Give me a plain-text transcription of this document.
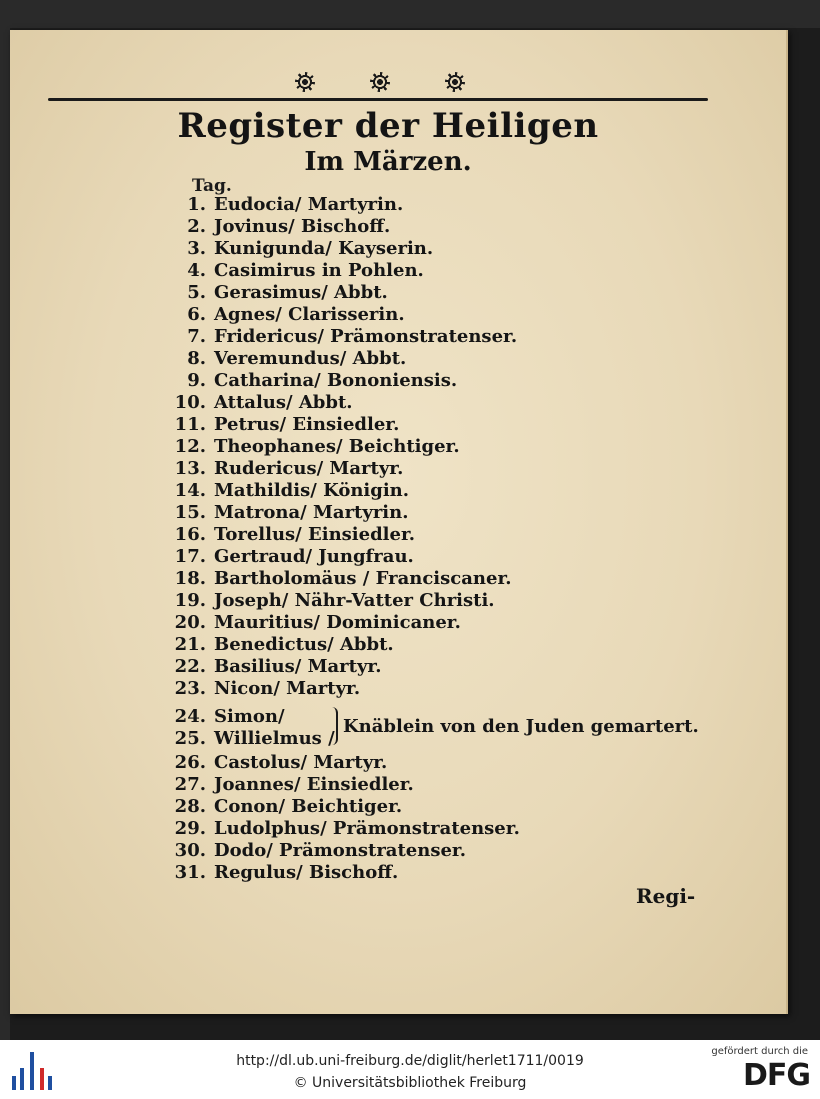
Register der Heiligen
Im Märzen.
Tag.
1. Eudocia/ Martyrin.
2. Jovinus/ Bischoff.
3. Kunigunda/ Kayserin.
4. Casimirus in Pohlen.
5. Gerasimus/ Abbt.
6. Agnes/ Clarisserin.
7. Fridericus/ Prämonstratenser.
8. Veremundus/ Abbt.
9. Catharina/ Bononiensis.
10. Attalus/ Abbt.
11. Petrus/ Einsiedler.
12. Theophanes/ Beichtiger.
13. Rudericus/ Martyr.
14. Mathildis/ Königin.
15. Matrona/ Martyrin.
16. Torellus/ Einsiedler.
17. Gertraud/ Jungfrau.
18. Bartholomäus / Franciscaner.
19. Joseph/ Nähr-Vatter Christi.
20. Mauritius/ Dominicaner.
21. Benedictus/ Abbt.
22. Basilius/ Martyr.
23. Nicon/ Martyr.
24. Simon/
25. Willielmus /
26. Castolus/ Martyr.
27. Joannes/ Einsiedler.
28. Conon/ Beichtiger.
29. Ludolphus/ Prämonstratenser.
30. Dodo/ Prämonstratenser.
31. Regulus/ Bischoff.
Knäblein von den Juden gemartert.
Regi-
http://dl.ub.uni-freiburg.de/diglit/herlet1711/0019
© Universitätsbibliothek Freiburg
gefördert durch die
DFG
